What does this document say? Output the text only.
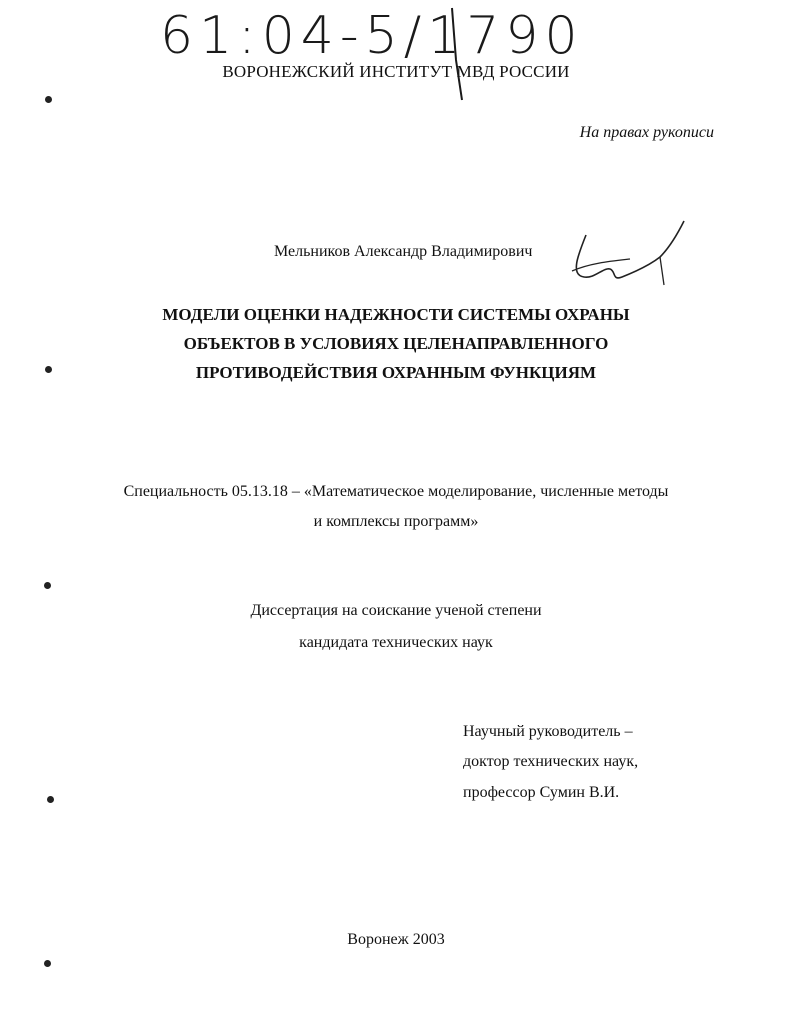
61:04-5/1790
ВОРОНЕЖСКИЙ ИНСТИТУТ МВД РОССИИ
На правах рукописи
Мельников Александр Владимирович
МОДЕЛИ ОЦЕНКИ НАДЕЖНОСТИ СИСТЕМЫ ОХРАНЫ
ОБЪЕКТОВ В УСЛОВИЯХ ЦЕЛЕНАПРАВЛЕННОГО
ПРОТИВОДЕЙСТВИЯ ОХРАННЫМ ФУНКЦИЯМ
Специальность 05.13.18 – «Математическое моделирование, численные методы
и комплексы программ»
Диссертация на соискание ученой степени
кандидата технических наук
Научный руководитель –
доктор технических наук,
профессор Сумин В.И.
Воронеж 2003
